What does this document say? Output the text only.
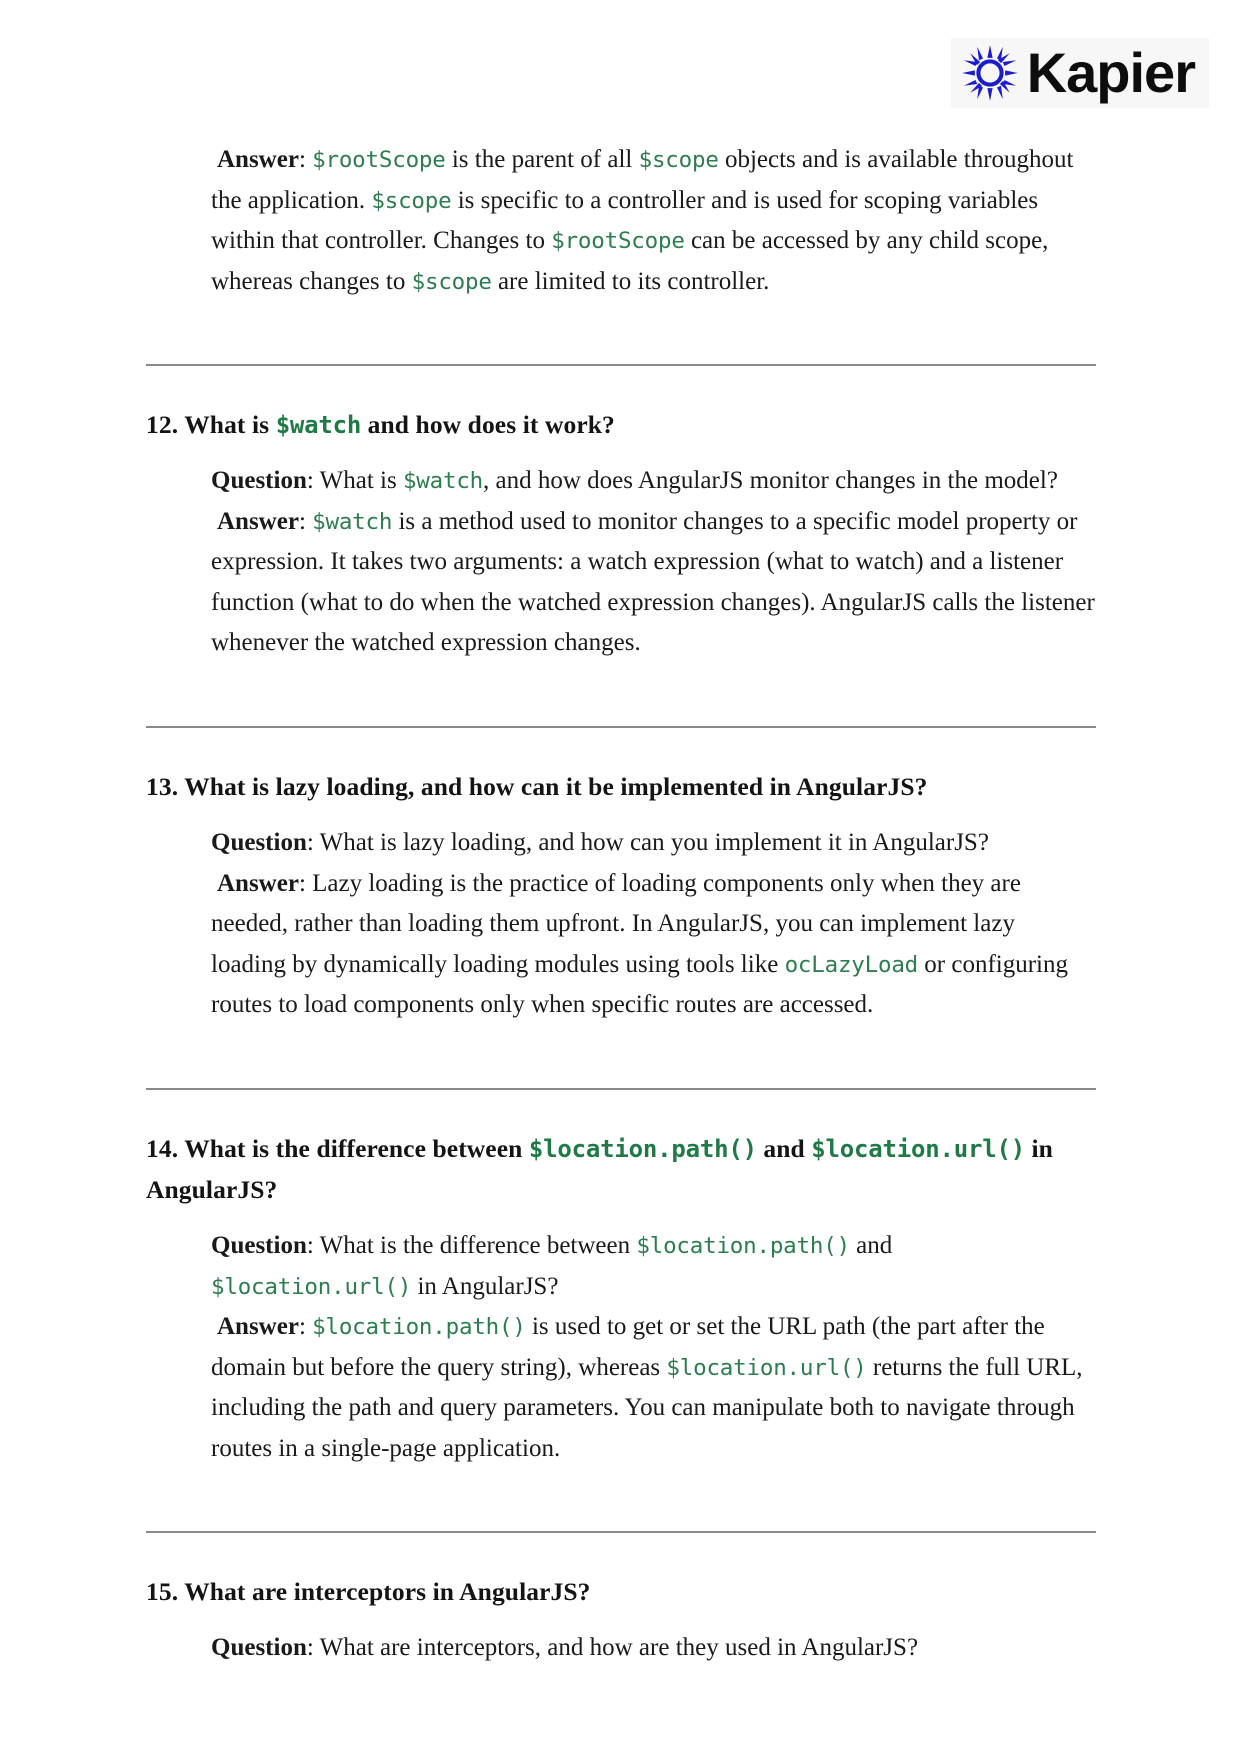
Kapier

Answer: $rootScope is the parent of all $scope objects and is available throughout the application. $scope is specific to a controller and is used for scoping variables within that controller. Changes to $rootScope can be accessed by any child scope, whereas changes to $scope are limited to its controller.

12. What is $watch and how does it work?

Question: What is $watch, and how does AngularJS monitor changes in the model?

Answer: $watch is a method used to monitor changes to a specific model property or expression. It takes two arguments: a watch expression (what to watch) and a listener function (what to do when the watched expression changes). AngularJS calls the listener whenever the watched expression changes.

13. What is lazy loading, and how can it be implemented in AngularJS?

Question: What is lazy loading, and how can you implement it in AngularJS?

Answer: Lazy loading is the practice of loading components only when they are needed, rather than loading them upfront. In AngularJS, you can implement lazy loading by dynamically loading modules using tools like ocLazyLoad or configuring routes to load components only when specific routes are accessed.

14. What is the difference between $location.path() and $location.url() in AngularJS?

Question: What is the difference between $location.path() and $location.url() in AngularJS?

Answer: $location.path() is used to get or set the URL path (the part after the domain but before the query string), whereas $location.url() returns the full URL, including the path and query parameters. You can manipulate both to navigate through routes in a single-page application.

15. What are interceptors in AngularJS?

Question: What are interceptors, and how are they used in AngularJS?
